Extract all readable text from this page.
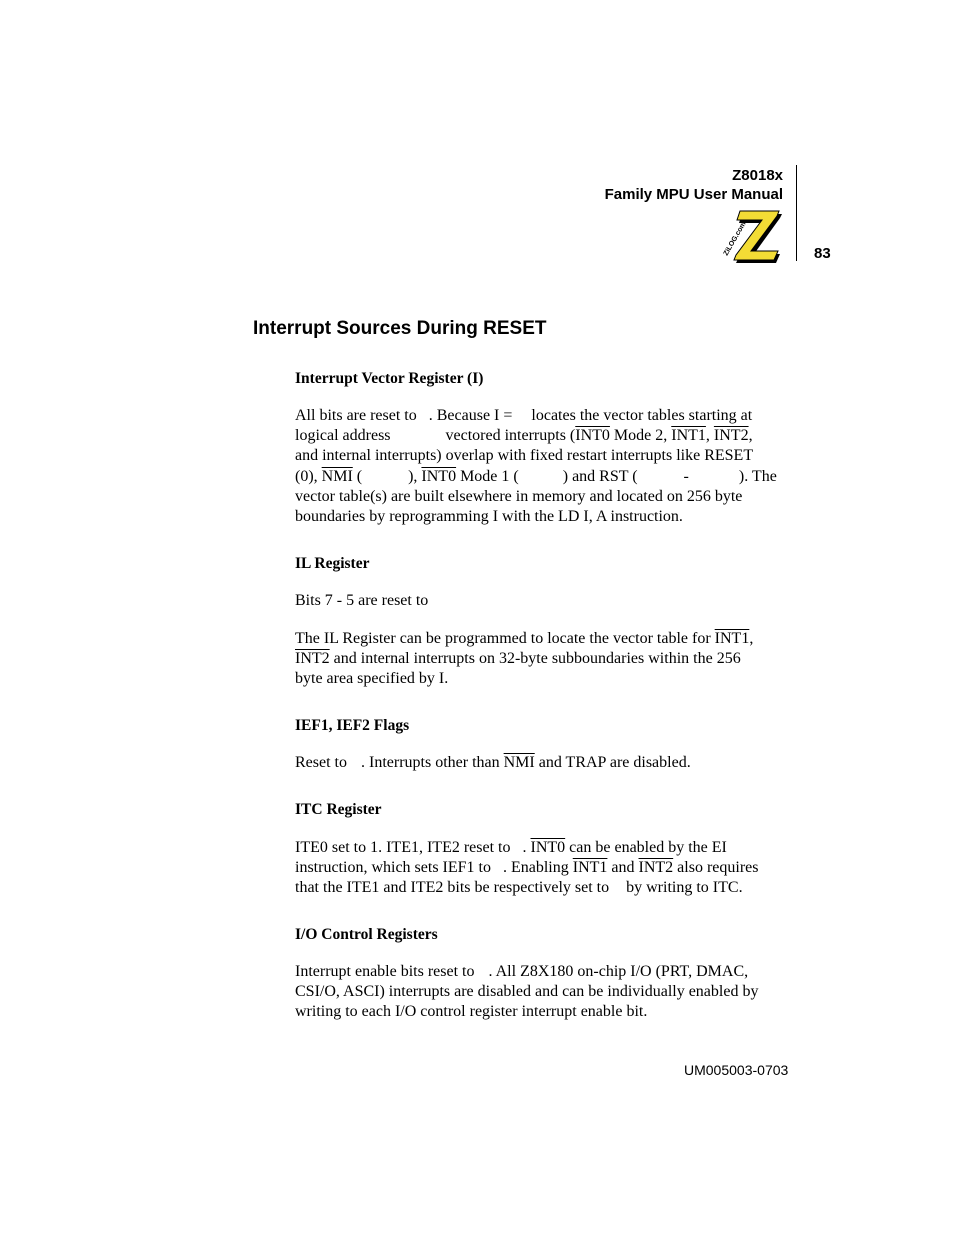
Z8018x
Family MPU User Manual
83
ZiLOG.com
Interrupt Sources During RESET
Interrupt Vector Register (I)
All bits are reset to . Because I = locates the vector tables starting at
logical address	vectored interrupts (INT0 Mode 2, INT1, INT2,
and internal interrupts) overlap with fixed restart interrupts like RESET
(0), $\overline{NMI}$ (	), INT0 Mode 1 (	) and RST (	-	). The
vector table(s) are built elsewhere in memory and located on 256 byte
boundaries by reprogramming I with the LD I, A instruction.
IL Register
Bits 7 - 5 are reset to
The IL Register can be programmed to locate the vector table for INT1,
INT2 and internal interrupts on 32-byte subboundaries within the 256
byte area specified by I.
IEF1, IEF2 Flags
Reset to . Interrupts other than $\overline{NMI}$ and TRAP are disabled.
ITC Register
ITE0 set to 1. ITE1, ITE2 reset to . INT0 can be enabled by the EI
instruction, which sets IEF1 to . Enabling INT1 and INT2 also requires
that the ITE1 and ITE2 bits be respectively set to by writing to ITC.
I/O Control Registers
Interrupt enable bits reset to . All Z8X180 on-chip I/O (PRT, DMAC,
CSI/O, ASCI) interrupts are disabled and can be individually enabled by
writing to each I/O control register interrupt enable bit.
UM005003-0703
